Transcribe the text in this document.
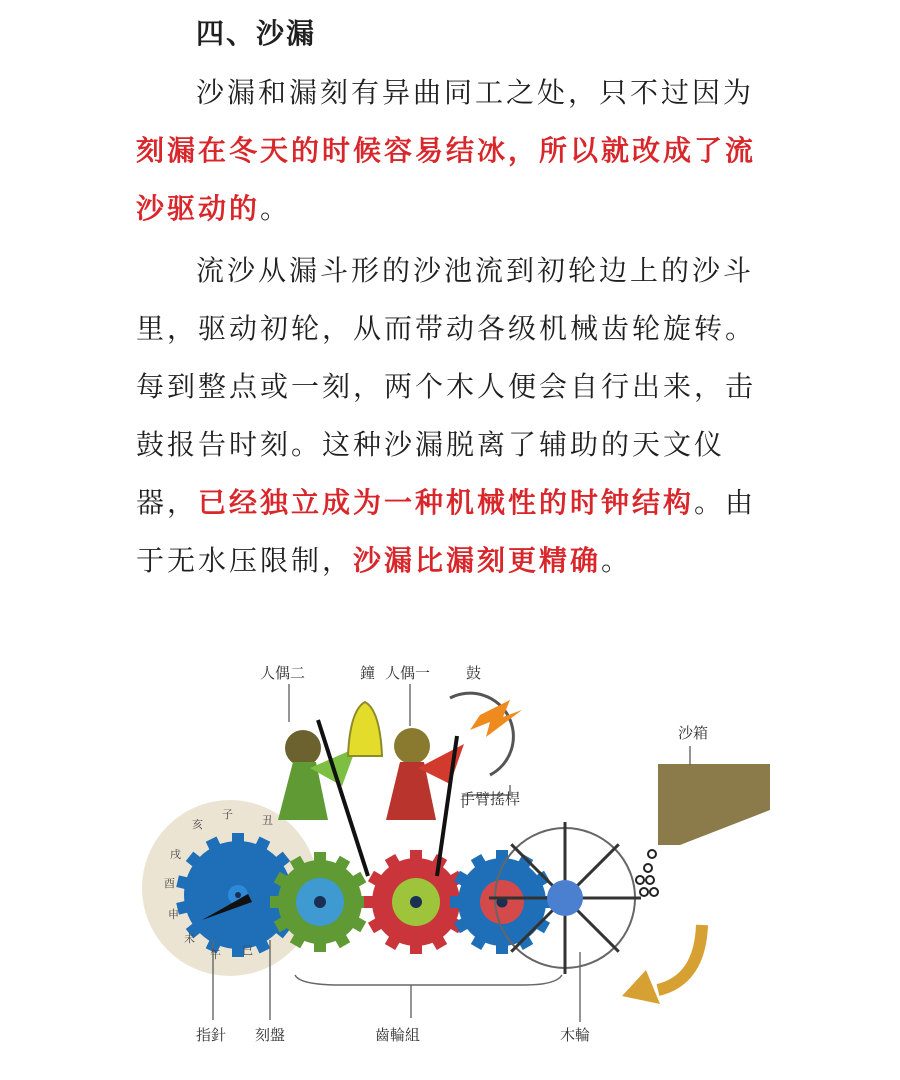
四、沙漏

沙漏和漏刻有异曲同工之处，只不过因为刻漏在冬天的时候容易结冰，所以就改成了流沙驱动的。

流沙从漏斗形的沙池流到初轮边上的沙斗里，驱动初轮，从而带动各级机械齿轮旋转。每到整点或一刻，两个木人便会自行出来，击鼓报告时刻。这种沙漏脱离了辅助的天文仪器，已经独立成为一种机械性的时钟结构。由于无水压限制，沙漏比漏刻更精确。

人偶二	鐘 人偶一 鼓
沙箱
手臂搖桿
指針 刻盤	齒輪組	木輪
子	丑
亥
戌
酉
申
未
午 巳
